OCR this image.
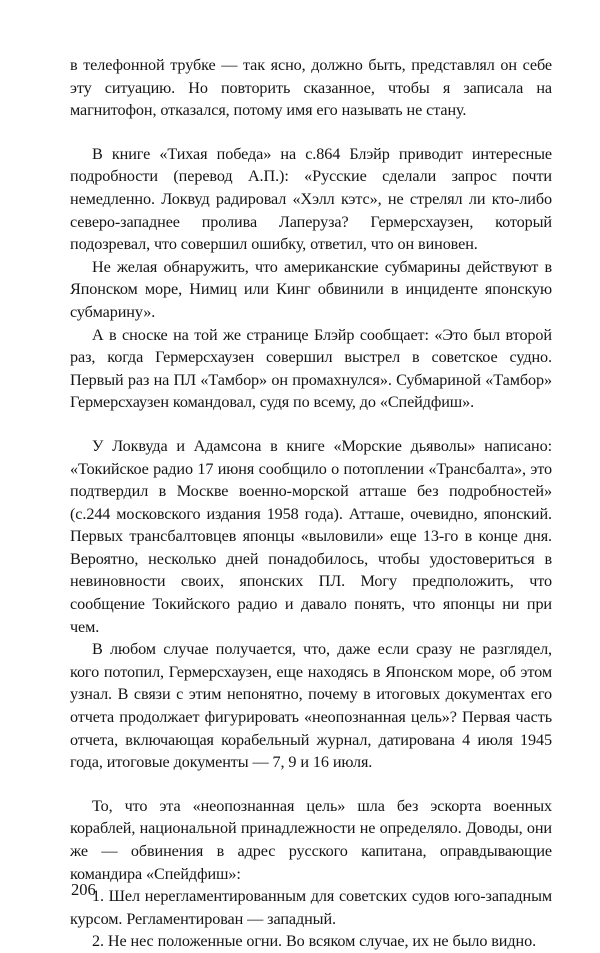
в телефонной трубке — так ясно, должно быть, представлял он себе эту ситуацию. Но повторить сказанное, чтобы я записала на магнитофон, отказался, потому имя его называть не стану.

В книге «Тихая победа» на с.864 Блэйр приводит интересные подробности (перевод А.П.): «Русские сделали запрос почти немедленно. Локвуд радировал «Хэлл кэтс», не стрелял ли кто-либо северо-западнее пролива Лаперуза? Гермерсхаузен, который подозревал, что совершил ошибку, ответил, что он виновен.

Не желая обнаружить, что американские субмарины действуют в Японском море, Нимиц или Кинг обвинили в инциденте японскую субмарину».

А в сноске на той же странице Блэйр сообщает: «Это был второй раз, когда Гермерсхаузен совершил выстрел в советское судно. Первый раз на ПЛ «Тамбор» он промахнулся». Субмариной «Тамбор» Гермерсхаузен командовал, судя по всему, до «Спейдфиш».

У Локвуда и Адамсона в книге «Морские дьяволы» написано: «Токийское радио 17 июня сообщило о потоплении «Трансбалта», это подтвердил в Москве военно-морской атташе без подробностей» (с.244 московского издания 1958 года). Атташе, очевидно, японский. Первых трансбалтовцев японцы «выловили» еще 13-го в конце дня. Вероятно, несколько дней понадобилось, чтобы удостовериться в невиновности своих, японских ПЛ. Могу предположить, что сообщение Токийского радио и давало понять, что японцы ни при чем.

В любом случае получается, что, даже если сразу не разглядел, кого потопил, Гермерсхаузен, еще находясь в Японском море, об этом узнал. В связи с этим непонятно, почему в итоговых документах его отчета продолжает фигурировать «неопознанная цель»? Первая часть отчета, включающая корабельный журнал, датирована 4 июля 1945 года, итоговые документы — 7, 9 и 16 июля.

То, что эта «неопознанная цель» шла без эскорта военных кораблей, национальной принадлежности не определяло. Доводы, они же — обвинения в адрес русского капитана, оправдывающие командира «Спейдфиш»:

1. Шел нерегламентированным для советских судов юго-западным курсом. Регламентирован — западный.

2. Не нес положенные огни. Во всяком случае, их не было видно.

206
